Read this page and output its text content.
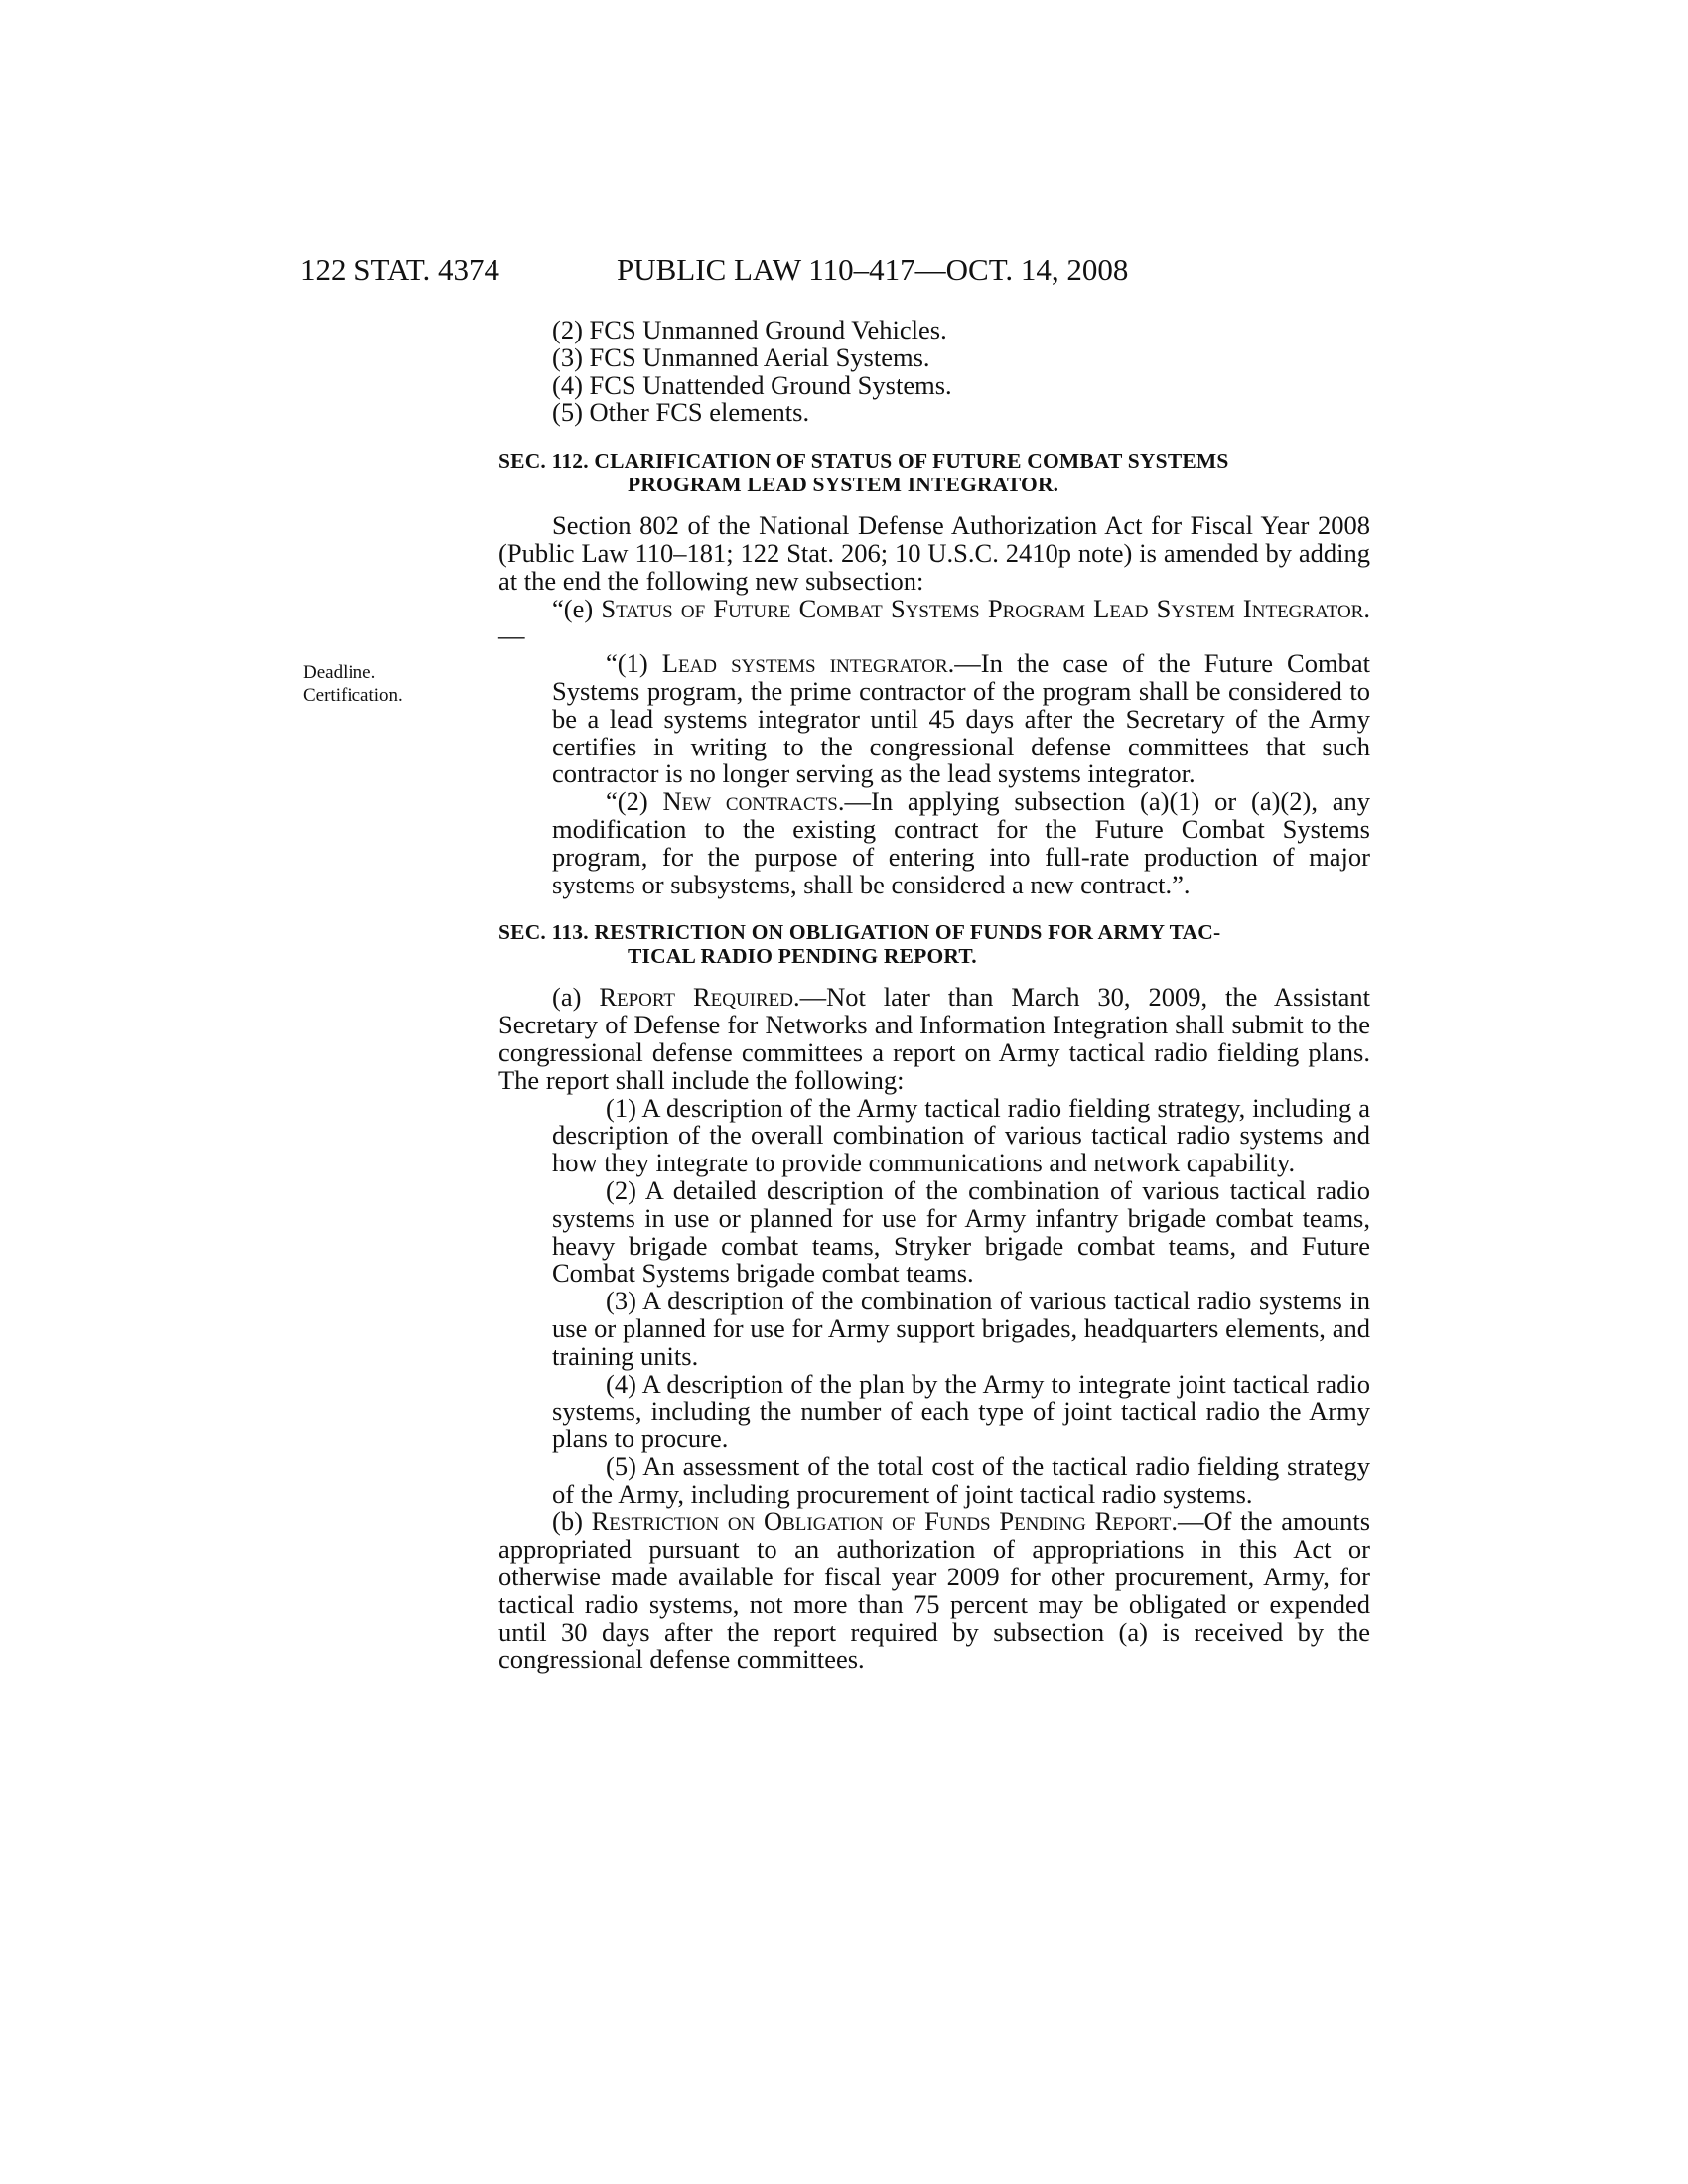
122 STAT. 4374	PUBLIC LAW 110–417—OCT. 14, 2008
Deadline.
Certification.
(2) FCS Unmanned Ground Vehicles.
(3) FCS Unmanned Aerial Systems.
(4) FCS Unattended Ground Systems.
(5) Other FCS elements.
SEC. 112. CLARIFICATION OF STATUS OF FUTURE COMBAT SYSTEMS
PROGRAM LEAD SYSTEM INTEGRATOR.

Section 802 of the National Defense Authorization Act for Fiscal Year 2008 (Public Law 110–181; 122 Stat. 206; 10 U.S.C. 2410p note) is amended by adding at the end the following new subsection:

“(e) Status of Future Combat Systems Program Lead System Integrator.—

“(1) Lead systems integrator.—In the case of the Future Combat Systems program, the prime contractor of the program shall be considered to be a lead systems integrator until 45 days after the Secretary of the Army certifies in writing to the congressional defense committees that such contractor is no longer serving as the lead systems integrator.

“(2) New contracts.—In applying subsection (a)(1) or (a)(2), any modification to the existing contract for the Future Combat Systems program, for the purpose of entering into full-rate production of major systems or subsystems, shall be considered a new contract.”.

SEC. 113. RESTRICTION ON OBLIGATION OF FUNDS FOR ARMY TAC-
TICAL RADIO PENDING REPORT.

(a) Report Required.—Not later than March 30, 2009, the Assistant Secretary of Defense for Networks and Information Integration shall submit to the congressional defense committees a report on Army tactical radio fielding plans. The report shall include the following:

(1) A description of the Army tactical radio fielding strategy, including a description of the overall combination of various tactical radio systems and how they integrate to provide communications and network capability.

(2) A detailed description of the combination of various tactical radio systems in use or planned for use for Army infantry brigade combat teams, heavy brigade combat teams, Stryker brigade combat teams, and Future Combat Systems brigade combat teams.

(3) A description of the combination of various tactical radio systems in use or planned for use for Army support brigades, headquarters elements, and training units.

(4) A description of the plan by the Army to integrate joint tactical radio systems, including the number of each type of joint tactical radio the Army plans to procure.

(5) An assessment of the total cost of the tactical radio fielding strategy of the Army, including procurement of joint tactical radio systems.

(b) Restriction on Obligation of Funds Pending Report.—Of the amounts appropriated pursuant to an authorization of appropriations in this Act or otherwise made available for fiscal year 2009 for other procurement, Army, for tactical radio systems, not more than 75 percent may be obligated or expended until 30 days after the report required by subsection (a) is received by the congressional defense committees.
